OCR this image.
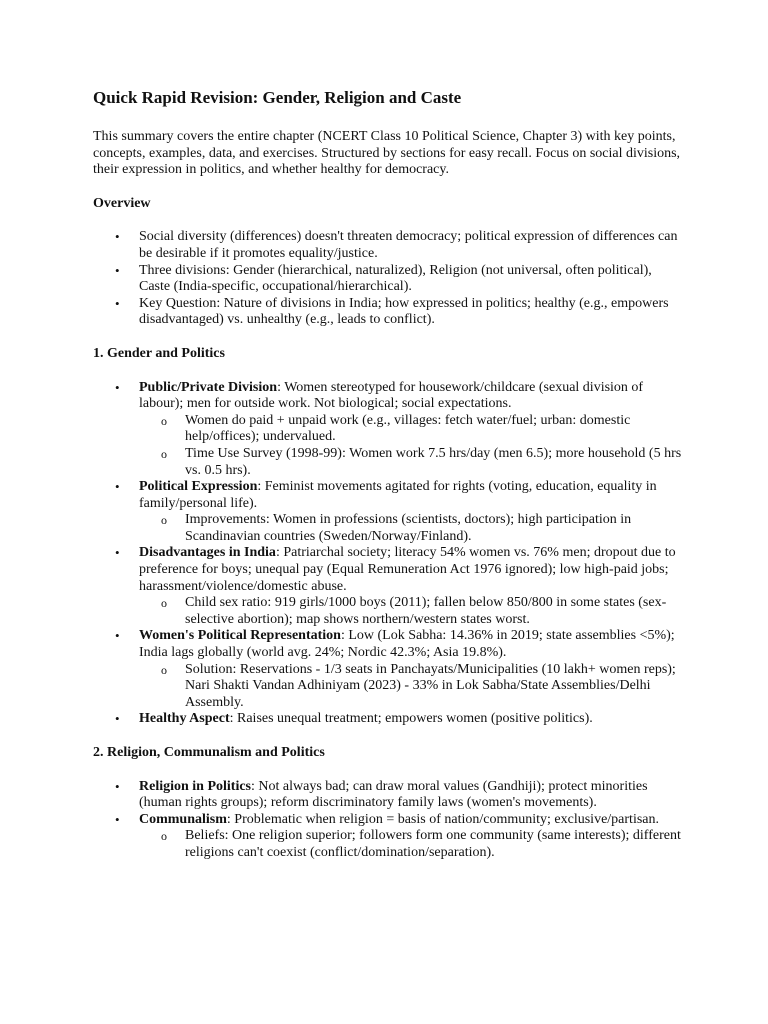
Quick Rapid Revision: Gender, Religion and Caste

This summary covers the entire chapter (NCERT Class 10 Political Science, Chapter 3) with key points, concepts, examples, data, and exercises. Structured by sections for easy recall. Focus on social divisions, their expression in politics, and whether healthy for democracy.

Overview
• Social diversity (differences) doesn't threaten democracy; political expression of differences can be desirable if it promotes equality/justice.
• Three divisions: Gender (hierarchical, naturalized), Religion (not universal, often political), Caste (India-specific, occupational/hierarchical).
• Key Question: Nature of divisions in India; how expressed in politics; healthy (e.g., empowers disadvantaged) vs. unhealthy (e.g., leads to conflict).
1. Gender and Politics
• Public/Private Division: Women stereotyped for housework/childcare (sexual division of labour); men for outside work. Not biological; social expectations.
o Women do paid + unpaid work (e.g., villages: fetch water/fuel; urban: domestic help/offices); undervalued.
o Time Use Survey (1998-99): Women work 7.5 hrs/day (men 6.5); more household (5 hrs vs. 0.5 hrs).
• Political Expression: Feminist movements agitated for rights (voting, education, equality in family/personal life).
o Improvements: Women in professions (scientists, doctors); high participation in Scandinavian countries (Sweden/Norway/Finland).
• Disadvantages in India: Patriarchal society; literacy 54% women vs. 76% men; dropout due to preference for boys; unequal pay (Equal Remuneration Act 1976 ignored); low high-paid jobs; harassment/violence/domestic abuse.
o Child sex ratio: 919 girls/1000 boys (2011); fallen below 850/800 in some states (sex-selective abortion); map shows northern/western states worst.
• Women's Political Representation: Low (Lok Sabha: 14.36% in 2019; state assemblies <5%); India lags globally (world avg. 24%; Nordic 42.3%; Asia 19.8%).
o Solution: Reservations - 1/3 seats in Panchayats/Municipalities (10 lakh+ women reps); Nari Shakti Vandan Adhiniyam (2023) - 33% in Lok Sabha/State Assemblies/Delhi Assembly.
• Healthy Aspect: Raises unequal treatment; empowers women (positive politics).
2. Religion, Communalism and Politics
• Religion in Politics: Not always bad; can draw moral values (Gandhiji); protect minorities (human rights groups); reform discriminatory family laws (women's movements).
• Communalism: Problematic when religion = basis of nation/community; exclusive/partisan.
o Beliefs: One religion superior; followers form one community (same interests); different religions can't coexist (conflict/domination/separation).
